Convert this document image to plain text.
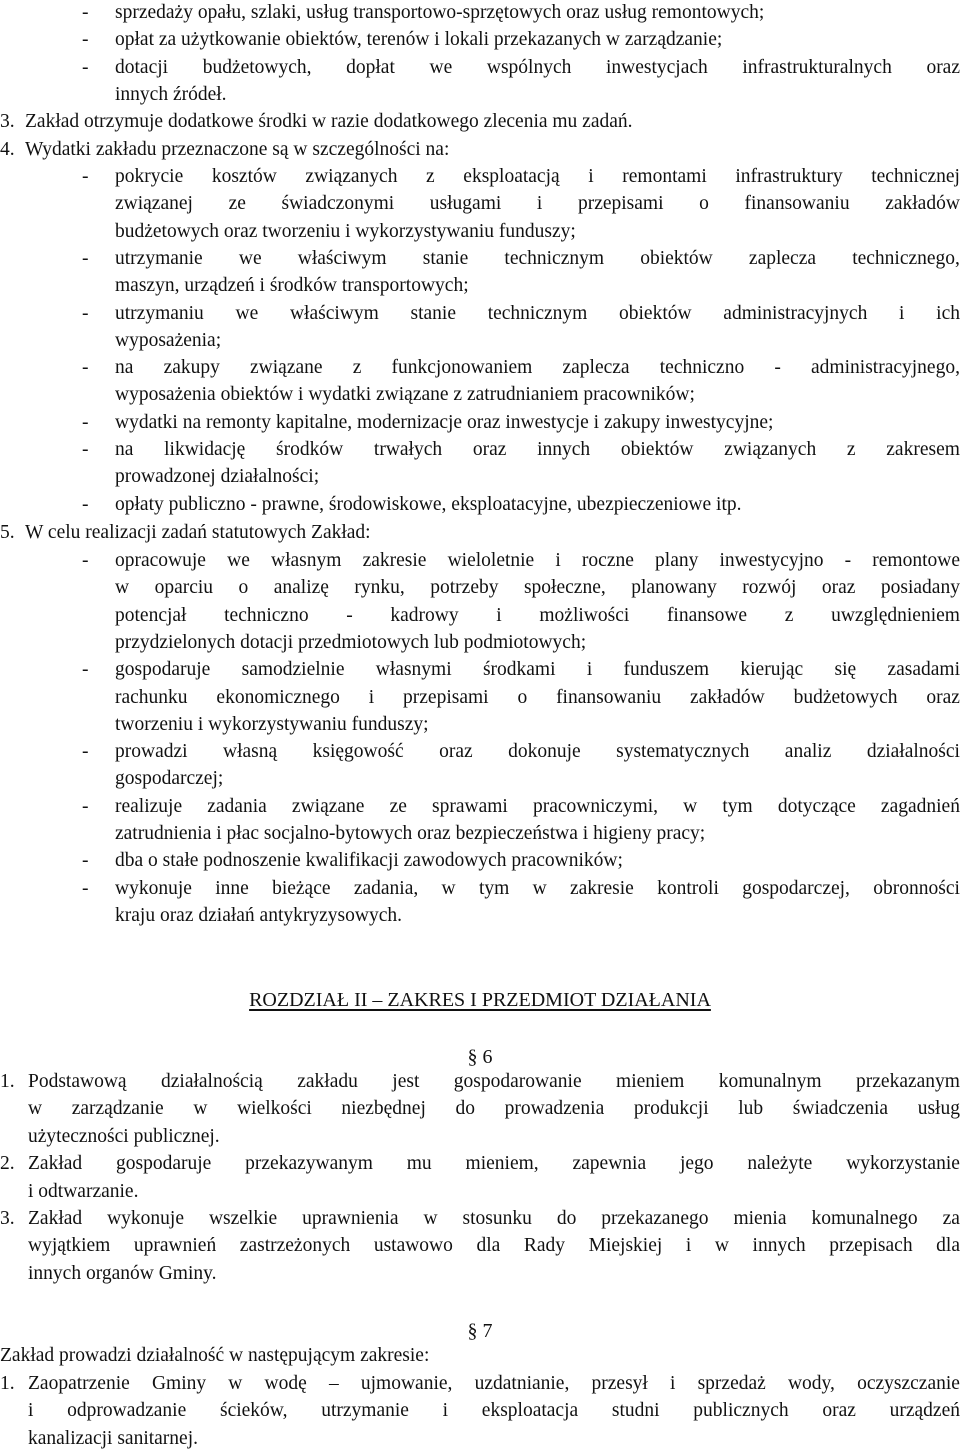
-	sprzedaży opału, szlaki, usług transportowo-sprzętowych oraz usług remontowych;
-	opłat za użytkowanie obiektów, terenów i lokali przekazanych w zarządzanie;
-	dotacji budżetowych, dopłat we wspólnych inwestycjach infrastrukturalnych oraz
innych źródeł.
3. Zakład otrzymuje dodatkowe środki w razie dodatkowego zlecenia mu zadań.
4. Wydatki zakładu przeznaczone są w szczególności na:
-	pokrycie kosztów związanych z eksploatacją i remontami infrastruktury technicznej
związanej ze świadczonymi usługami i przepisami o finansowaniu zakładów
budżetowych oraz tworzeniu i wykorzystywaniu funduszy;
-	utrzymanie we właściwym stanie technicznym obiektów zaplecza technicznego,
maszyn, urządzeń i środków transportowych;
-	utrzymaniu we właściwym stanie technicznym obiektów administracyjnych i ich
wyposażenia;
-	na zakupy związane z funkcjonowaniem zaplecza techniczno - administracyjnego,
wyposażenia obiektów i wydatki związane z zatrudnianiem pracowników;
-	wydatki na remonty kapitalne, modernizacje oraz inwestycje i zakupy inwestycyjne;
-	na likwidację środków trwałych oraz innych obiektów związanych z zakresem
prowadzonej działalności;
-	opłaty publiczno - prawne, środowiskowe, eksploatacyjne, ubezpieczeniowe itp.
5. W celu realizacji zadań statutowych Zakład:
-	opracowuje we własnym zakresie wieloletnie i roczne plany inwestycyjno - remontowe
w oparciu o analizę rynku, potrzeby społeczne, planowany rozwój oraz posiadany
potencjał techniczno - kadrowy i możliwości finansowe z uwzględnieniem
przydzielonych dotacji przedmiotowych lub podmiotowych;
-	gospodaruje samodzielnie własnymi środkami i funduszem kierując się zasadami
rachunku ekonomicznego i przepisami o finansowaniu zakładów budżetowych oraz
tworzeniu i wykorzystywaniu funduszy;
-	prowadzi własną księgowość oraz dokonuje systematycznych analiz działalności
gospodarczej;
-	realizuje zadania związane ze sprawami pracowniczymi, w tym dotyczące zagadnień
zatrudnienia i płac socjalno-bytowych oraz bezpieczeństwa i higieny pracy;
-	dba o stałe podnoszenie kwalifikacji zawodowych pracowników;
-	wykonuje inne bieżące zadania, w tym w zakresie kontroli gospodarczej, obronności
kraju oraz działań antykryzysowych.
ROZDZIAŁ II – ZAKRES I PRZEDMIOT DZIAŁANIA
§ 6
1. Podstawową działalnością zakładu jest gospodarowanie mieniem komunalnym przekazanym
w zarządzanie w wielkości niezbędnej do prowadzenia produkcji lub świadczenia usług
użyteczności publicznej.
2. Zakład gospodaruje przekazywanym mu mieniem, zapewnia jego należyte wykorzystanie
i odtwarzanie.
3. Zakład wykonuje wszelkie uprawnienia w stosunku do przekazanego mienia komunalnego za
wyjątkiem uprawnień zastrzeżonych ustawowo dla Rady Miejskiej i w innych przepisach dla
innych organów Gminy.
§ 7
Zakład prowadzi działalność w następującym zakresie:
1. Zaopatrzenie Gminy w wodę – ujmowanie, uzdatnianie, przesył i sprzedaż wody, oczyszczanie
i odprowadzanie ścieków, utrzymanie i eksploatacja studni publicznych oraz urządzeń
kanalizacji sanitarnej.
